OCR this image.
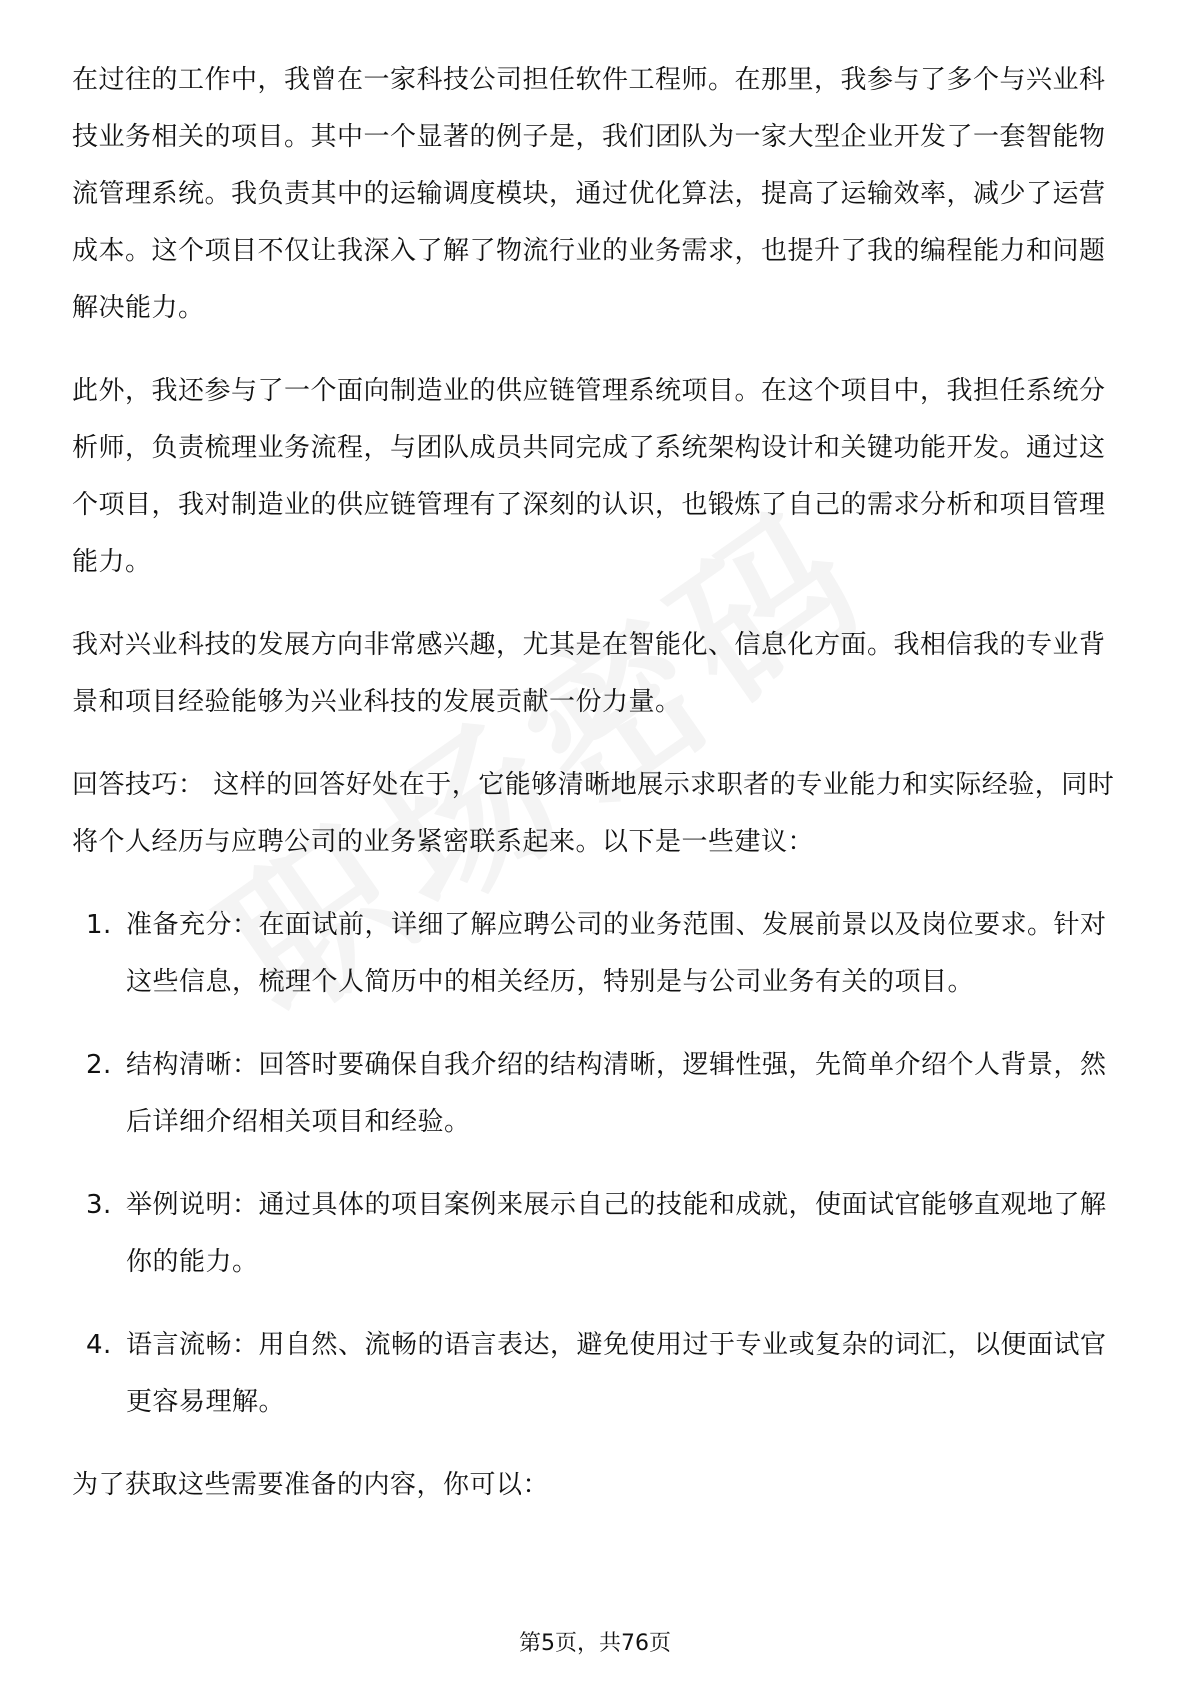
在过往的工作中，我曾在一家科技公司担任软件工程师。在那里，我参与了多个与兴业科技业务相关的项目。其中一个显著的例子是，我们团队为一家大型企业开发了一套智能物流管理系统。我负责其中的运输调度模块，通过优化算法，提高了运输效率，减少了运营成本。这个项目不仅让我深入了解了物流行业的业务需求，也提升了我的编程能力和问题解决能力。

此外，我还参与了一个面向制造业的供应链管理系统项目。在这个项目中，我担任系统分析师，负责梳理业务流程，与团队成员共同完成了系统架构设计和关键功能开发。通过这个项目，我对制造业的供应链管理有了深刻的认识，也锻炼了自己的需求分析和项目管理能力。

我对兴业科技的发展方向非常感兴趣，尤其是在智能化、信息化方面。我相信我的专业背景和项目经验能够为兴业科技的发展贡献一份力量。

回答技巧： 这样的回答好处在于，它能够清晰地展示求职者的专业能力和实际经验，同时将个人经历与应聘公司的业务紧密联系起来。以下是一些建议：

1. 准备充分：在面试前，详细了解应聘公司的业务范围、发展前景以及岗位要求。针对这些信息，梳理个人简历中的相关经历，特别是与公司业务有关的项目。
2. 结构清晰：回答时要确保自我介绍的结构清晰，逻辑性强，先简单介绍个人背景，然后详细介绍相关项目和经验。
3. 举例说明：通过具体的项目案例来展示自己的技能和成就，使面试官能够直观地了解你的能力。
4. 语言流畅：用自然、流畅的语言表达，避免使用过于专业或复杂的词汇，以便面试官更容易理解。

为了获取这些需要准备的内容，你可以：

第5页，共76页
